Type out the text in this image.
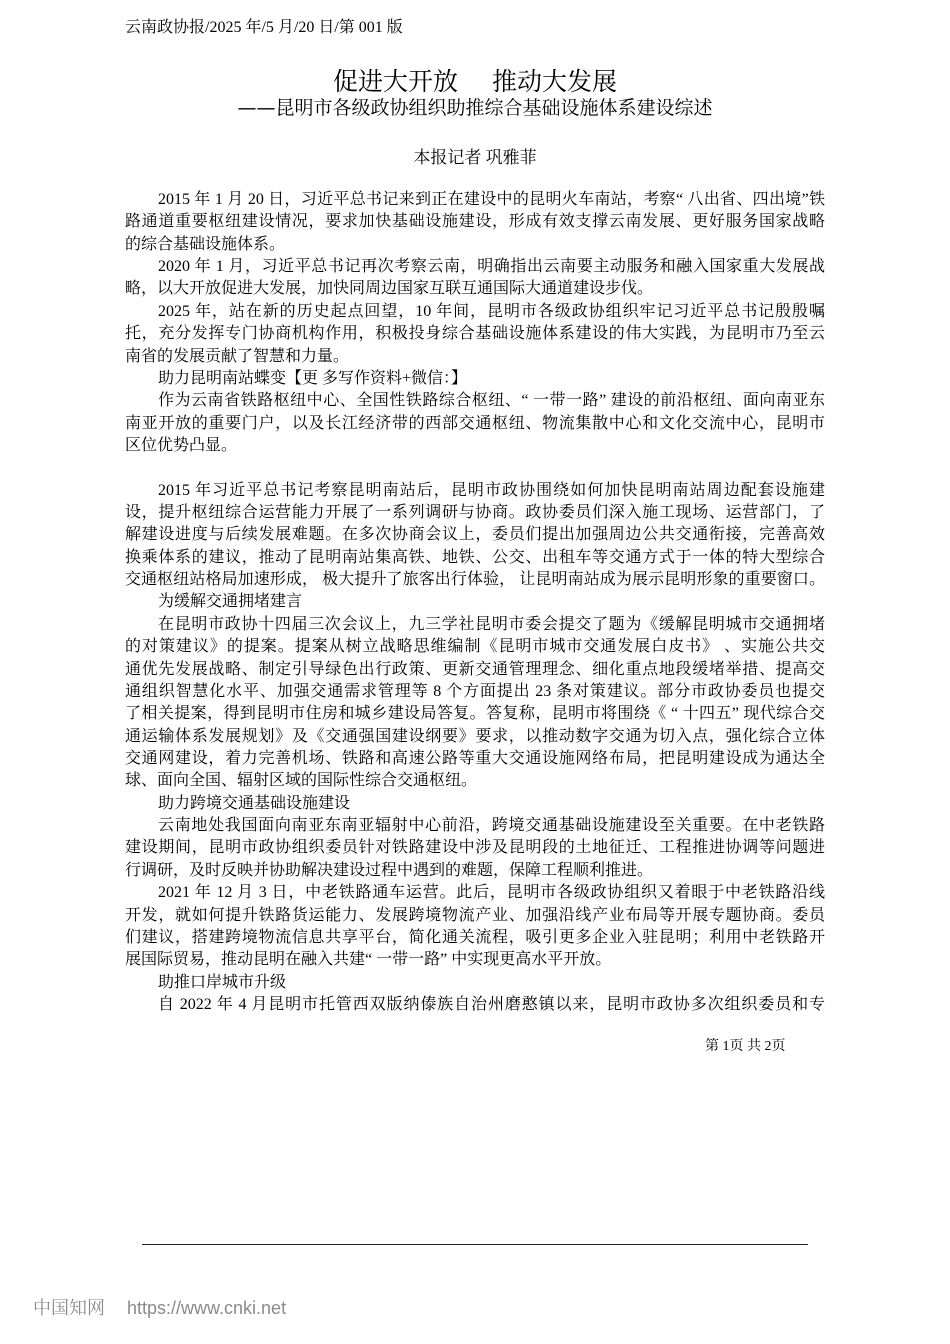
云南政协报/2025 年/5 月/20 日/第 001 版
促进大开放 推动大发展
——昆明市各级政协组织助推综合基础设施体系建设综述
本报记者 巩雅菲
2015 年 1 月 20 日，习近平总书记来到正在建设中的昆明火车南站，考察“ 八出省、四出境”铁
路通道重要枢纽建设情况，要求加快基础设施建设，形成有效支撑云南发展、更好服务国家战略
的综合基础设施体系。
2020 年 1 月，习近平总书记再次考察云南，明确指出云南要主动服务和融入国家重大发展战
略，以大开放促进大发展，加快同周边国家互联互通国际大通道建设步伐。
2025 年，站在新的历史起点回望，10 年间，昆明市各级政协组织牢记习近平总书记殷殷嘱
托，充分发挥专门协商机构作用，积极投身综合基础设施体系建设的伟大实践，为昆明市乃至云
南省的发展贡献了智慧和力量。
助力昆明南站蝶变【更 多写作资料+微信：】
作为云南省铁路枢纽中心、全国性铁路综合枢纽、“ 一带一路” 建设的前沿枢纽、面向南亚东
南亚开放的重要门户，以及长江经济带的西部交通枢纽、物流集散中心和文化交流中心，昆明市
区位优势凸显。
2015 年习近平总书记考察昆明南站后，昆明市政协围绕如何加快昆明南站周边配套设施建
设，提升枢纽综合运营能力开展了一系列调研与协商。政协委员们深入施工现场、运营部门，了
解建设进度与后续发展难题。在多次协商会议上，委员们提出加强周边公共交通衔接，完善高效
换乘体系的建议，推动了昆明南站集高铁、地铁、公交、出租车等交通方式于一体的特大型综合
交通枢纽站格局加速形成， 极大提升了旅客出行体验， 让昆明南站成为展示昆明形象的重要窗口。
为缓解交通拥堵建言
在昆明市政协十四届三次会议上，九三学社昆明市委会提交了题为《缓解昆明城市交通拥堵
的对策建议》的提案。提案从树立战略思维编制《昆明市城市交通发展白皮书》 、实施公共交
通优先发展战略、制定引导绿色出行政策、更新交通管理理念、细化重点地段缓堵举措、提高交
通组织智慧化水平、加强交通需求管理等 8 个方面提出 23 条对策建议。部分市政协委员也提交
了相关提案，得到昆明市住房和城乡建设局答复。答复称，昆明市将围绕《 “ 十四五” 现代综合交
通运输体系发展规划》及《交通强国建设纲要》要求，以推动数字交通为切入点，强化综合立体
交通网建设，着力完善机场、铁路和高速公路等重大交通设施网络布局，把昆明建设成为通达全
球、面向全国、辐射区域的国际性综合交通枢纽。
助力跨境交通基础设施建设
云南地处我国面向南亚东南亚辐射中心前沿，跨境交通基础设施建设至关重要。在中老铁路
建设期间，昆明市政协组织委员针对铁路建设中涉及昆明段的土地征迁、工程推进协调等问题进
行调研，及时反映并协助解决建设过程中遇到的难题，保障工程顺利推进。
2021 年 12 月 3 日，中老铁路通车运营。此后，昆明市各级政协组织又着眼于中老铁路沿线
开发，就如何提升铁路货运能力、发展跨境物流产业、加强沿线产业布局等开展专题协商。委员
们建议，搭建跨境物流信息共享平台，简化通关流程，吸引更多企业入驻昆明；利用中老铁路开
展国际贸易，推动昆明在融入共建“ 一带一路” 中实现更高水平开放。
助推口岸城市升级
自 2022 年 4 月昆明市托管西双版纳傣族自治州磨憨镇以来，昆明市政协多次组织委员和专
第 1页 共 2页
中国知网 https://www.cnki.net
